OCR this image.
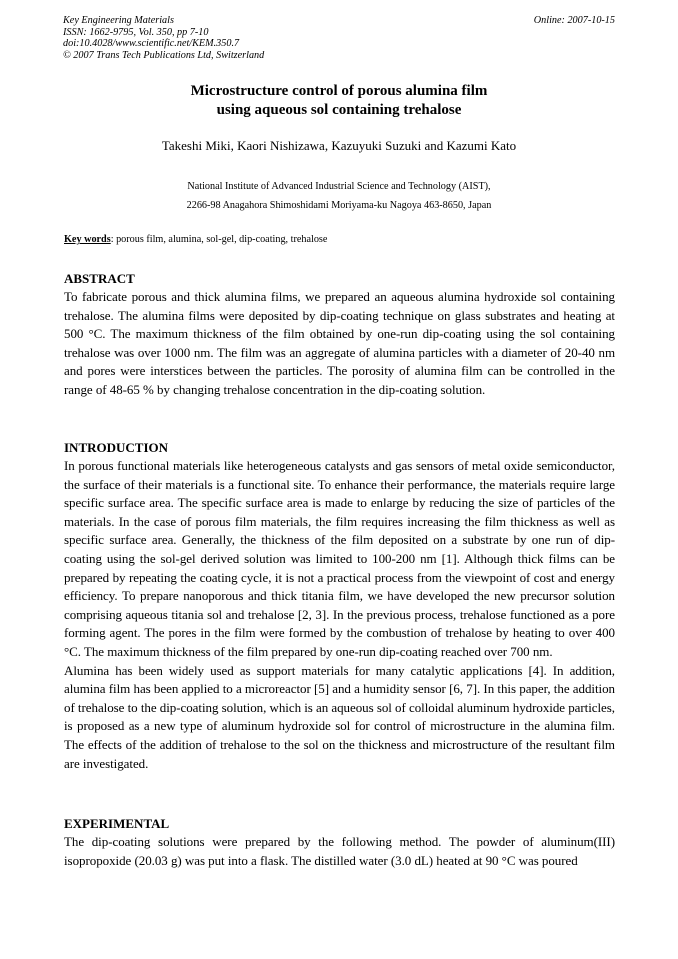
Key Engineering Materials
ISSN: 1662-9795, Vol. 350, pp 7-10
doi:10.4028/www.scientific.net/KEM.350.7
© 2007 Trans Tech Publications Ltd, Switzerland
Online: 2007-10-15
Microstructure control of porous alumina film
using aqueous sol containing trehalose
Takeshi Miki, Kaori Nishizawa, Kazuyuki Suzuki and Kazumi Kato
National Institute of Advanced Industrial Science and Technology (AIST),
2266-98 Anagahora Shimoshidami Moriyama-ku Nagoya 463-8650, Japan
Key words: porous film, alumina, sol-gel, dip-coating, trehalose
ABSTRACT
To fabricate porous and thick alumina films, we prepared an aqueous alumina hydroxide sol containing trehalose. The alumina films were deposited by dip-coating technique on glass substrates and heating at 500 °C. The maximum thickness of the film obtained by one-run dip-coating using the sol containing trehalose was over 1000 nm. The film was an aggregate of alumina particles with a diameter of 20-40 nm and pores were interstices between the particles. The porosity of alumina film can be controlled in the range of 48-65 % by changing trehalose concentration in the dip-coating solution.
INTRODUCTION

In porous functional materials like heterogeneous catalysts and gas sensors of metal oxide semiconductor, the surface of their materials is a functional site. To enhance their performance, the materials require large specific surface area. The specific surface area is made to enlarge by reducing the size of particles of the materials. In the case of porous film materials, the film requires increasing the film thickness as well as specific surface area. Generally, the thickness of the film deposited on a substrate by one run of dip-coating using the sol-gel derived solution was limited to 100-200 nm [1]. Although thick films can be prepared by repeating the coating cycle, it is not a practical process from the viewpoint of cost and energy efficiency. To prepare nanoporous and thick titania film, we have developed the new precursor solution comprising aqueous titania sol and trehalose [2, 3]. In the previous process, trehalose functioned as a pore forming agent. The pores in the film were formed by the combustion of trehalose by heating to over 400 °C. The maximum thickness of the film prepared by one-run dip-coating reached over 700 nm.

Alumina has been widely used as support materials for many catalytic applications [4]. In addition, alumina film has been applied to a microreactor [5] and a humidity sensor [6, 7]. In this paper, the addition of trehalose to the dip-coating solution, which is an aqueous sol of colloidal aluminum hydroxide particles, is proposed as a new type of aluminum hydroxide sol for control of microstructure in the alumina film. The effects of the addition of trehalose to the sol on the thickness and microstructure of the resultant film are investigated.

EXPERIMENTAL
The dip-coating solutions were prepared by the following method. The powder of aluminum(III) isopropoxide (20.03 g) was put into a flask. The distilled water (3.0 dL) heated at 90 °C was poured
